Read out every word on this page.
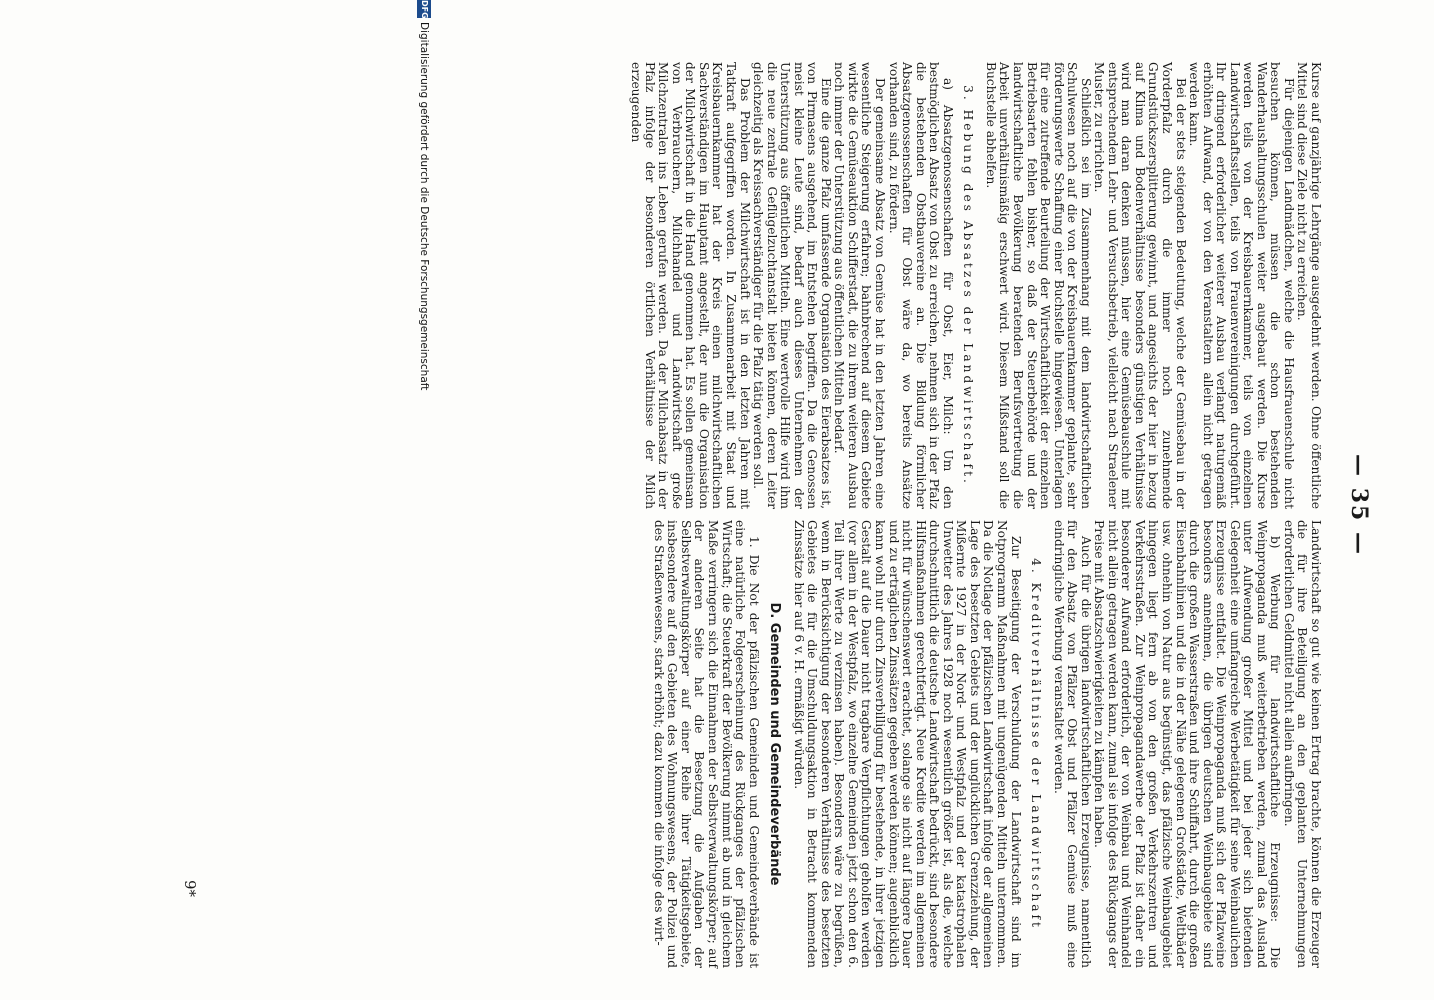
— 35 —

Kurse auf ganzjährige Lehrgänge ausgedehnt werden. Ohne öffentliche Mittel sind diese Ziele nicht zu erreichen.

Für diejenigen Landmädchen, welche die Hausfrauenschule nicht besuchen können, müssen die schon bestehenden Wanderhaushaltungsschulen weiter ausgebaut werden. Die Kurse werden teils von der Kreisbauernkammer, teils von einzelnen Landwirtschaftsstellen, teils von Frauenvereinigungen durchgeführt. Ihr dringend erforderlicher weiterer Ausbau verlangt naturgemäß erhöhten Aufwand, der von den Veranstaltern allein nicht getragen werden kann.

Bei der stets steigenden Bedeutung, welche der Gemüsebau in der Vorderpfalz durch die immer noch zunehmende Grundstückszersplitterung gewinnt, und angesichts der hier in bezug auf Klima und Bodenverhältnisse besonders günstigen Verhältnisse wird man daran denken müssen, hier eine Gemüsebauschule mit entsprechendem Lehr- und Versuchsbetrieb, vielleicht nach Straelener Muster, zu errichten.

Schließlich sei im Zusammenhang mit dem landwirtschaftlichen Schulwesen noch auf die von der Kreisbauernkammer geplante, sehr förderungswerte Schaffung einer Buchstelle hingewiesen. Unterlagen für eine zutreffende Beurteilung der Wirtschaftlichkeit der einzelnen Betriebsarten fehlen bisher, so daß der Steuerbehörde und der landwirtschaftliche Bevölkerung beratenden Berufsvertretung die Arbeit unverhältnismäßig erschwert wird. Diesem Mißstand soll die Buchstelle abhelfen.

3. Hebung des Absatzes der Landwirtschaft.

a) Absatzgenossenschaften für Obst, Eier, Milch: Um den bestmöglichen Absatz von Obst zu erreichen, nehmen sich in der Pfalz die bestehenden Obstbauvereine an. Die Bildung förmlicher Absatzgenossenschaften für Obst wäre da, wo bereits Ansätze vorhanden sind, zu fördern.

Der gemeinsame Absatz von Gemüse hat in den letzten Jahren eine wesentliche Steigerung erfahren; bahnbrechend auf diesem Gebiete wirkte die Gemüseauktion Schifferstadt, die zu ihrem weiteren Ausbau noch immer der Unterstützung aus öffentlichen Mitteln bedarf.

Eine die ganze Pfalz umfassende Organisation des Eierabsatzes ist, von Pirmasens ausgehend, im Entstehen begriffen. Da die Genossen meist kleine Leute sind, bedarf auch dieses Unternehmen der Unterstützung aus öffentlichen Mitteln. Eine wertvolle Hilfe wird ihm die neue zentrale Geflügelzuchtanstalt bieten können, deren Leiter gleichzeitig als Kreissachverständiger für die Pfalz tätig werden soll.

Das Problem der Milchwirtschaft ist in den letzten Jahren mit Tatkraft aufgegriffen worden. In Zusammenarbeit mit Staat und Kreisbauernkammer hat der Kreis einen milchwirtschaftlichen Sachverständigen im Hauptamt angestellt, der nun die Organisation der Milchwirtschaft in die Hand genommen hat. Es sollen gemeinsam von Verbrauchern, Milchhandel und Landwirtschaft große Milchzentralen ins Leben gerufen werden. Da der Milchabsatz in der Pfalz infolge der besonderen örtlichen Verhältnisse der Milch erzeugenden

Landwirtschaft so gut wie keinen Ertrag brachte, können die Erzeuger die für ihre Beteiligung an den geplanten Unternehmungen erforderlichen Geldmittel nicht allein aufbringen.

b) Werbung für landwirtschaftliche Erzeugnisse: Die Weinpropaganda muß weiterbetrieben werden, zumal das Ausland unter Aufwendung großer Mittel und bei jeder sich bietenden Gelegenheit eine umfangreiche Werbetätigkeit für seine Weinbaulichen Erzeugnisse entfaltet. Die Weinpropaganda muß sich der Pfalzweine besonders annehmen, die übrigen deutschen Weinbaugebiete sind durch die großen Wasserstraßen und ihre Schiffahrt, durch die großen Eisenbahnlinien und die in der Nähe gelegenen Großstädte, Weltbäder usw. ohnehin von Natur aus begünstigt, das pfälzische Weinbaugebiet hingegen liegt fern ab von den großen Verkehrszentren und Verkehrsstraßen. Zur Weinpropagandawerbe der Pfalz ist daher ein besonderer Aufwand erforderlich, der von Weinbau und Weinhandel nicht allein getragen werden kann, zumal sie infolge des Rückgangs der Preise mit Absatzschwierigkeiten zu kämpfen haben.

Auch für die übrigen landwirtschaftlichen Erzeugnisse, namentlich für den Absatz von Pfälzer Obst und Pfälzer Gemüse muß eine eindringliche Werbung veranstaltet werden.

4. Kreditverhältnisse der Landwirtschaft

Zur Beseitigung der Verschuldung der Landwirtschaft sind im Notprogramm Maßnahmen mit ungenügenden Mitteln unternommen. Da die Notlage der pfälzischen Landwirtschaft infolge der allgemeinen Lage des besetzten Gebiets und der unglücklichen Grenzziehung, der Mißernte 1927 in der Nord- und Westpfalz und der katastrophalen Unwetter des Jahres 1928 noch wesentlich größer ist, als die, welche durchschnittlich die deutsche Landwirtschaft bedrückt, sind besondere Hilfsmaßnahmen gerechtfertigt. Neue Kredite werden im allgemeinen nicht für wünschenswert erachtet, solange sie nicht auf längere Dauer und zu erträglichen Zinssätzen gegeben werden können; augenblicklich kann wohl nur durch Zinsverbilligung für bestehende, in ihrer jetzigen Gestalt auf die Dauer nicht tragbare Verpflichtungen geholfen werden (vor allem in der Westpfalz, wo einzelne Gemeinden jetzt schon den 6. Teil ihrer Werte zu verzinsen haben). Besonders wäre zu begrüßen, wenn in Berücksichtigung der besonderen Verhältnisse des besetzten Gebietes die für die Umschuldungsaktion in Betracht kommenden Zinssätze hier auf 6 v. H. ermäßigt würden.

D. Gemeinden und Gemeindeverbände

1. Die Not der pfälzischen Gemeinden und Gemeindeverbände ist eine natürliche Folgeerscheinung des Rückganges der pfälzischen Wirtschaft; die Steuerkraft der Bevölkerung nimmt ab und in gleichem Maße verringern sich die Einnahmen der Selbstverwaltungskörper; auf der anderen Seite hat die Besetzung die Aufgaben der Selbstverwaltungskörper auf einer Reihe ihrer Tätigkeitsgebiete, insbesondere auf den Gebieten des Wohnungswesens, der Polizei und des Straßenwesens, stark erhöht; dazu kommen die infolge des wirt-

9*
DFG
Digitalisierung gefördert durch die Deutsche Forschungsgemeinschaft
